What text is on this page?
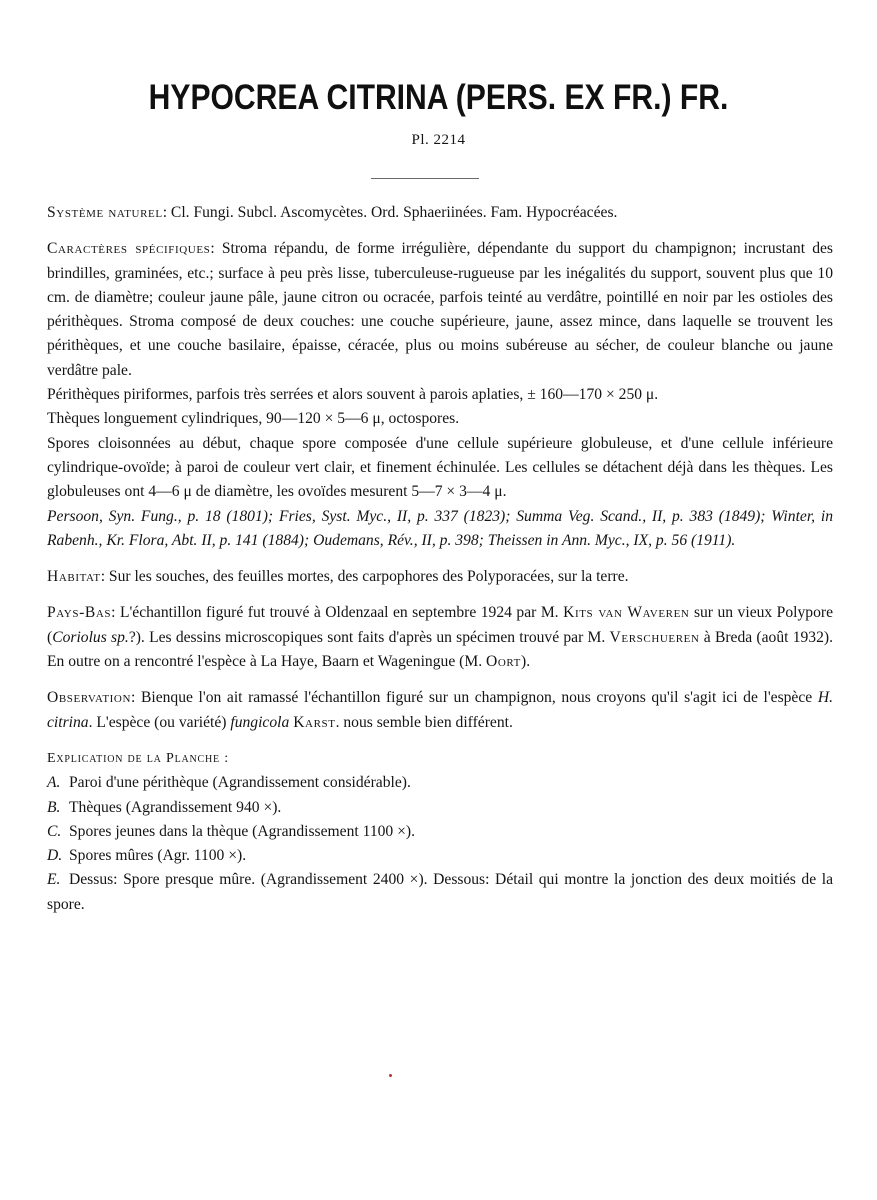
HYPOCREA CITRINA (PERS. EX FR.) FR.
Pl. 2214

Système naturel: Cl. Fungi. Subcl. Ascomycètes. Ord. Sphaeriinées. Fam. Hypocréacées.

Caractères spécifiques: Stroma répandu, de forme irrégulière, dépendante du support du champignon; incrustant des brindilles, graminées, etc.; surface à peu près lisse, tuberculeuse-rugueuse par les inégalités du support, souvent plus que 10 cm. de diamètre; couleur jaune pâle, jaune citron ou ocracée, parfois teinté au verdâtre, pointillé en noir par les ostioles des périthèques. Stroma composé de deux couches: une couche supérieure, jaune, assez mince, dans laquelle se trouvent les périthèques, et une couche basilaire, épaisse, céracée, plus ou moins subéreuse au sécher, de couleur blanche ou jaune verdâtre pale.

Périthèques piriformes, parfois très serrées et alors souvent à parois aplaties, ± 160—170 × 250 μ.

Thèques longuement cylindriques, 90—120 × 5—6 μ, octospores.

Spores cloisonnées au début, chaque spore composée d'une cellule supérieure globuleuse, et d'une cellule inférieure cylindrique-ovoïde; à paroi de couleur vert clair, et finement échinulée. Les cellules se détachent déjà dans les thèques. Les globuleuses ont 4—6 μ de diamètre, les ovoïdes mesurent 5—7 × 3—4 μ.

Persoon, Syn. Fung., p. 18 (1801); Fries, Syst. Myc., II, p. 337 (1823); Summa Veg. Scand., II, p. 383 (1849); Winter, in Rabenh., Kr. Flora, Abt. II, p. 141 (1884); Oudemans, Rév., II, p. 398; Theissen in Ann. Myc., IX, p. 56 (1911).

Habitat: Sur les souches, des feuilles mortes, des carpophores des Polyporacées, sur la terre.

Pays-Bas: L'échantillon figuré fut trouvé à Oldenzaal en septembre 1924 par M. Kits van Waveren sur un vieux Polypore (Coriolus sp.?). Les dessins microscopiques sont faits d'après un spécimen trouvé par M. Verschueren à Breda (août 1932). En outre on a rencontré l'espèce à La Haye, Baarn et Wageningue (M. Oort).

Observation: Bienque l'on ait ramassé l'échantillon figuré sur un champignon, nous croyons qu'il s'agit ici de l'espèce H. citrina. L'espèce (ou variété) fungicola Karst. nous semble bien différent.

Explication de la Planche :

A. Paroi d'une périthèque (Agrandissement considérable).

B. Thèques (Agrandissement 940 ×).

C. Spores jeunes dans la thèque (Agrandissement 1100 ×).

D. Spores mûres (Agr. 1100 ×).

E. Dessus: Spore presque mûre. (Agrandissement 2400 ×). Dessous: Détail qui montre la jonction des deux moitiés de la spore.
